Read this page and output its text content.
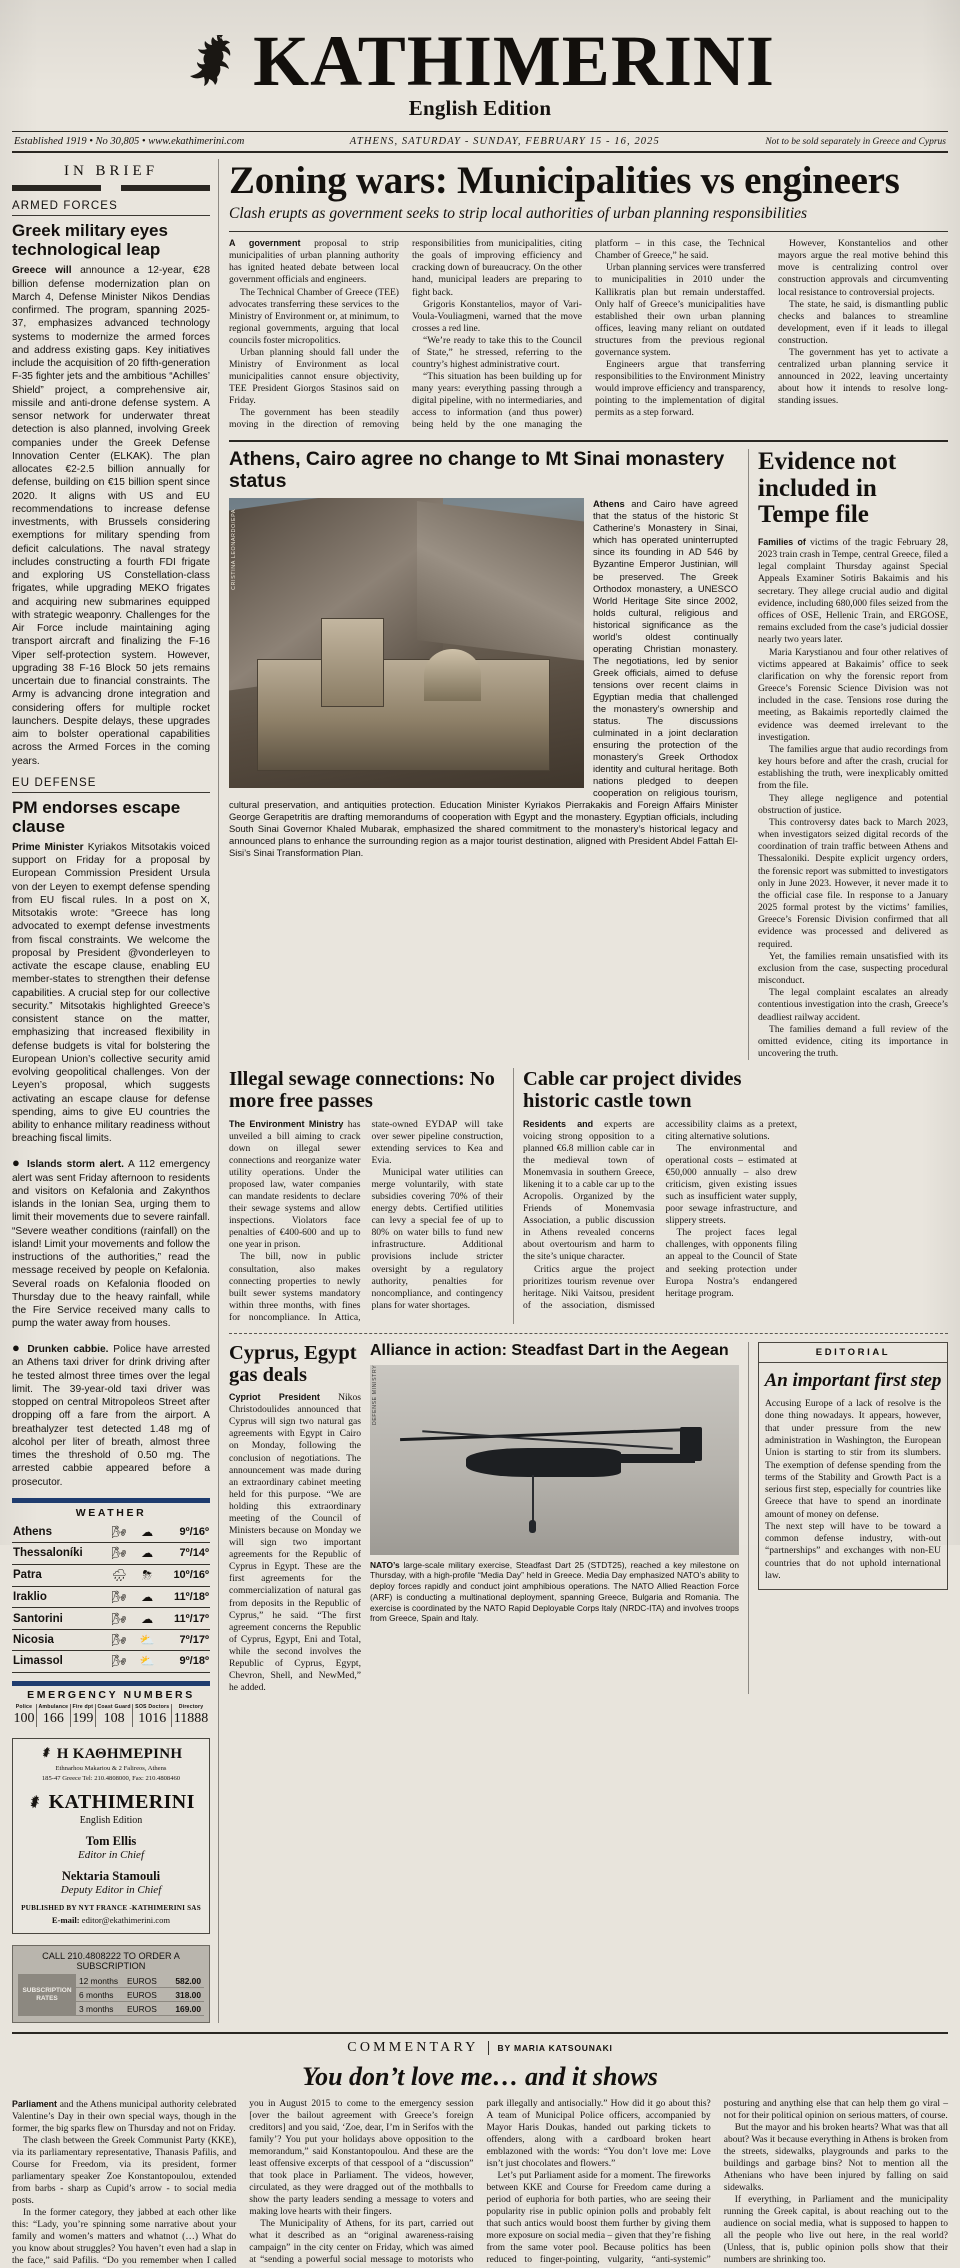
KATHIMERINI
English Edition
Established 1919 • No 30,805 • www.ekathimerini.com	ATHENS, SATURDAY - SUNDAY, FEBRUARY 15 - 16, 2025	Not to be sold separately in Greece and Cyprus
IN BRIEF
ARMED FORCES
Greek military eyes technological leap

Greece will announce a 12-year, €28 billion defense modernization plan on March 4, Defense Minister Nikos Dendias confirmed. The program, spanning 2025-37, emphasizes advanced technology systems to modernize the armed forces and address existing gaps. Key initiatives include the acquisition of 20 fifth-generation F-35 fighter jets and the ambitious “Achilles’ Shield” project, a comprehensive air, missile and anti-drone defense system. A sensor network for underwater threat detection is also planned, involving Greek companies under the Greek Defense Innovation Center (ELKAK). The plan allocates €2-2.5 billion annually for defense, building on €15 billion spent since 2020. It aligns with US and EU recommendations to increase defense investments, with Brussels considering exemptions for military spending from deficit calculations. The naval strategy includes constructing a fourth FDI frigate and exploring US Constellation-class frigates, while upgrading MEKO frigates and acquiring new submarines equipped with strategic weaponry. Challenges for the Air Force include maintaining aging transport aircraft and finalizing the F-16 Viper self-protection system. However, upgrading 38 F-16 Block 50 jets remains uncertain due to financial constraints. The Army is advancing drone integration and considering offers for multiple rocket launchers. Despite delays, these upgrades aim to bolster operational capabilities across the Armed Forces in the coming years.

EU DEFENSE
PM endorses escape clause

Prime Minister Kyriakos Mitsotakis voiced support on Friday for a proposal by European Commission President Ursula von der Leyen to exempt defense spending from EU fiscal rules. In a post on X, Mitsotakis wrote: “Greece has long advocated to exempt defense investments from fiscal constraints. We welcome the proposal by President @vonderleyen to activate the escape clause, enabling EU member-states to strengthen their defense capabilities. A crucial step for our collective security.” Mitsotakis highlighted Greece’s consistent stance on the matter, emphasizing that increased flexibility in defense budgets is vital for bolstering the European Union’s collective security amid evolving geopolitical challenges. Von der Leyen’s proposal, which suggests activating an escape clause for defense spending, aims to give EU countries the ability to enhance military readiness without breaching fiscal limits.

● Islands storm alert. A 112 emergency alert was sent Friday afternoon to residents and visitors on Kefalonia and Zakynthos islands in the Ionian Sea, urging them to limit their movements due to severe rainfall. “Severe weather conditions (rainfall) on the island! Limit your movements and follow the instructions of the authorities,” read the message received by people on Kefalonia. Several roads on Kefalonia flooded on Thursday due to the heavy rainfall, while the Fire Service received many calls to pump the water away from houses.

● Drunken cabbie. Police have arrested an Athens taxi driver for drink driving after he tested almost three times over the legal limit. The 39-year-old taxi driver was stopped on central Mitropoleos Street after dropping off a fare from the airport. A breathalyzer test detected 1.48 mg of alcohol per liter of breath, almost three times the threshold of 0.50 mg. The arrested cabbie appeared before a prosecutor.

WEATHER
Athens	🌬	☁	9º/16º
Thessaloníki	🌬	☁	7º/14º
Patra	🌧	⛈	10º/16º
Iraklio	🌬	☁	11º/18º
Santorini	🌬	☁	11º/17º
Nicosia	🌬	⛅	7º/17º
Limassol	🌬	⛅	9º/18º
EMERGENCY NUMBERS
Police	Ambulance	Fire dpt	Coast Guard	SOS Doctors	Directory
100	166	199	108	1016	11888
Η ΚΑΘΗΜΕΡΙΝΗ
Ethnarhou Makariou & 2 Falireos, Athens
185-47 Greece Tel: 210.4808000, Fax: 210.4808460
KATHIMERINI
English Edition
Tom Ellis
Editor in Chief
Nektaria Stamouli
Deputy Editor in Chief
PUBLISHED BY NYT FRANCE -KATHIMERINI SAS
E-mail: editor@ekathimerini.com
CALL 210.4808222 TO ORDER A SUBSCRIPTION
SUBSCRIPTION RATES
12 months	EUROS	582.00
6 months	EUROS	318.00
3 months	EUROS	169.00
Zoning wars: Municipalities vs engineers
Clash erupts as government seeks to strip local authorities of urban planning responsibilities

A government proposal to strip municipalities of urban planning authority has ignited heated debate between local government officials and engineers.

The Technical Chamber of Greece (TEE) advocates transferring these services to the Ministry of Environment or, at minimum, to regional governments, arguing that local councils foster micropolitics.

Urban planning should fall under the Ministry of Environment as local municipalities cannot ensure objectivity, TEE President Giorgos Stasinos said on Friday.

The government has been steadily moving in the direction of removing responsibilities from municipalities, citing the goals of improving efficiency and cracking down of bureaucracy. On the other hand, municipal leaders are preparing to fight back.

Grigoris Konstantelios, mayor of Vari-Voula-Vouliagmeni, warned that the move crosses a red line.

“We’re ready to take this to the Council of State,” he stressed, referring to the country’s highest administrative court.

“This situation has been building up for many years: everything passing through a digital pipeline, with no intermediaries, and access to information (and thus power) being held by the one managing the platform – in this case, the Technical Chamber of Greece,” he said.

Urban planning services were transferred to municipalities in 2010 under the Kallikratis plan but remain understaffed. Only half of Greece’s municipalities have established their own urban planning offices, leaving many reliant on outdated structures from the previous regional governance system.

Engineers argue that transferring responsibilities to the Environment Ministry would improve efficiency and transparency, pointing to the implementation of digital permits as a step forward.

However, Konstantelios and other mayors argue the real motive behind this move is centralizing control over construction approvals and circumventing local resistance to controversial projects.

The state, he said, is dismantling public checks and balances to streamline development, even if it leads to illegal construction.

The government has yet to activate a centralized urban planning service it announced in 2022, leaving uncertainty about how it intends to resolve long-standing issues.

Athens, Cairo agree no change to Mt Sinai monastery status
CRISTINA LEONARDO/EPA

Athens and Cairo have agreed that the status of the historic St Catherine’s Monastery in Sinai, which has operated uninterrupted since its founding in AD 546 by Byzantine Emperor Justinian, will be preserved. The Greek Orthodox monastery, a UNESCO World Heritage Site since 2002, holds cultural, religious and historical significance as the world’s oldest continually operating Christian monastery. The negotiations, led by senior Greek officials, aimed to defuse tensions over recent claims in Egyptian media that challenged the monastery’s ownership and status. The discussions culminated in a joint declaration ensuring the protection of the monastery’s Greek Orthodox identity and cultural heritage. Both nations pledged to deepen cooperation on religious tourism, cultural preservation, and antiquities protection. Education Minister Kyriakos Pierrakakis and Foreign Affairs Minister George Gerapetritis are drafting memorandums of cooperation with Egypt and the monastery. Egyptian officials, including South Sinai Governor Khaled Mubarak, emphasized the shared commitment to the monastery’s historical legacy and announced plans to enhance the surrounding region as a major tourist destination, aligned with President Abdel Fattah El-Sisi’s Sinai Transformation Plan.

Evidence not included in Tempe file

Families of victims of the tragic February 28, 2023 train crash in Tempe, central Greece, filed a legal complaint Thursday against Special Appeals Examiner Sotiris Bakaimis and his secretary. They allege crucial audio and digital evidence, including 680,000 files seized from the offices of OSE, Hellenic Train, and ERGOSE, remains excluded from the case’s judicial dossier nearly two years later.

Maria Karystianou and four other relatives of victims appeared at Bakaimis’ office to seek clarification on why the forensic report from Greece’s Forensic Science Division was not included in the case. Tensions rose during the meeting, as Bakaimis reportedly claimed the evidence was deemed irrelevant to the investigation.

The families argue that audio recordings from key hours before and after the crash, crucial for establishing the truth, were inexplicably omitted from the file.

They allege negligence and potential obstruction of justice.

This controversy dates back to March 2023, when investigators seized digital records of the coordination of train traffic between Athens and Thessaloniki. Despite explicit urgency orders, the forensic report was submitted to investigators only in June 2023. However, it never made it to the official case file. In response to a January 2025 formal protest by the victims’ families, Greece’s Forensic Division confirmed that all evidence was processed and delivered as required.

Yet, the families remain unsatisfied with its exclusion from the case, suspecting procedural misconduct.

The legal complaint escalates an already contentious investigation into the crash, Greece’s deadliest railway accident.

The families demand a full review of the omitted evidence, citing its importance in uncovering the truth.

Illegal sewage connections: No more free passes

The Environment Ministry has unveiled a bill aiming to crack down on illegal sewer connections and reorganize water utility operations. Under the proposed law, water companies can mandate residents to declare their sewage systems and allow inspections. Violators face penalties of €400-600 and up to one year in prison.

The bill, now in public consultation, also makes connecting properties to newly built sewer systems mandatory within three months, with fines for noncompliance. In Attica, state-owned EYDAP will take over sewer pipeline construction, extending services to Kea and Evia.

Municipal water utilities can merge voluntarily, with state subsidies covering 70% of their energy debts. Certified utilities can levy a special fee of up to 80% on water bills to fund new infrastructure. Additional provisions include stricter oversight by a regulatory authority, penalties for noncompliance, and contingency plans for water shortages.

Cable car project divides historic castle town

Residents and experts are voicing strong opposition to a planned €6.8 million cable car in the medieval town of Monemvasia in southern Greece, likening it to a cable car up to the Acropolis. Organized by the Friends of Monemvasia Association, a public discussion in Athens revealed concerns about overtourism and harm to the site’s unique character.

Critics argue the project prioritizes tourism revenue over heritage. Niki Vaitsou, president of the association, dismissed accessibility claims as a pretext, citing alternative solutions.

The environmental and operational costs – estimated at €50,000 annually – also drew criticism, given existing issues such as insufficient water supply, poor sewage infrastructure, and slippery streets.

The project faces legal challenges, with opponents filing an appeal to the Council of State and seeking protection under Europa Nostra’s endangered heritage program.

Cyprus, Egypt gas deals

Cypriot President Nikos Christodoulides announced that Cyprus will sign two natural gas agreements with Egypt in Cairo on Monday, following the conclusion of negotiations. The announcement was made during an extraordinary cabinet meeting held for this purpose. “We are holding this extraordinary meeting of the Council of Ministers because on Monday we will sign two important agreements for the Republic of Cyprus in Egypt. These are the first agreements for the commercialization of natural gas from deposits in the Republic of Cyprus,” he said. “The first agreement concerns the Republic of Cyprus, Egypt, Eni and Total, while the second involves the Republic of Cyprus, Egypt, Chevron, Shell, and NewMed,” he added.

Alliance in action: Steadfast Dart in the Aegean
DEFENSE MINISTRY

NATO’s large-scale military exercise, Steadfast Dart 25 (STDT25), reached a key milestone on Thursday, with a high-profile “Media Day” held in Greece. Media Day emphasized NATO’s ability to deploy forces rapidly and conduct joint amphibious operations. The NATO Allied Reaction Force (ARF) is conducting a multinational deployment, spanning Greece, Bulgaria and Romania. The exercise is coordinated by the NATO Rapid Deployable Corps Italy (NRDC-ITA) and involves troops from Greece, Spain and Italy.

EDITORIAL
An important first step

Accusing Europe of a lack of resolve is the done thing nowadays. It appears, however, that under pressure from the new administration in Washington, the European Union is starting to stir from its slumbers. The exemption of defense spending from the terms of the Stability and Growth Pact is a serious first step, especially for countries like Greece that have to spend an inordinate amount of money on defense.

The next step will have to be toward a common defense industry, with-out “partnerships” and exchanges with non-EU countries that do not uphold international law.

COMMENTARY BY MARIA KATSOUNAKI
You don’t love me… and it shows

Parliament and the Athens municipal authority celebrated Valentine’s Day in their own special ways, though in the former, the big sparks flew on Thursday and not on Friday.

The clash between the Greek Communist Party (KKE), via its parliamentary representative, Thanasis Pafilis, and Course for Freedom, via its president, former parliamentary speaker Zoe Konstantopoulou, extended from barbs - sharp as Cupid’s arrow - to social media posts.

In the former category, they jabbed at each other like this: “Lady, you’re spinning some narrative about your family and women’s matters and whatnot (…) What do you know about struggles? You haven’t even had a slap in the face,” said Pafilis. “Do you remember when I called you in August 2015 to come to the emergency session [over the bailout agreement with Greece’s foreign creditors] and you said, ‘Zoe, dear, I’m in Serifos with the family’? You put your holidays above opposition to the memorandum,” said Konstantopoulou. And these are the least offensive excerpts of that cesspool of a “discussion” that took place in Parliament. The videos, however, circulated, as they were dragged out of the mothballs to show the party leaders sending a message to voters and making love hearts with their fingers.

The Municipality of Athens, for its part, carried out what it described as an “original awareness-raising campaign” in the city center on Friday, which was aimed at “sending a powerful social message to motorists who park illegally and antisocially.” How did it go about this? A team of Municipal Police officers, accompanied by Mayor Haris Doukas, handed out parking tickets to offenders, along with a cardboard broken heart emblazoned with the words: “You don’t love me: Love isn’t just chocolates and flowers.”

Let’s put Parliament aside for a moment. The fireworks between KKE and Course for Freedom came during a period of euphoria for both parties, who are seeing their popularity rise in public opinion polls and probably felt that such antics would boost them further by giving them more exposure on social media – given that they’re fishing from the same voter pool. Because politics has been reduced to finger-pointing, vulgarity, “anti-systemic” posturing and anything else that can help them go viral – not for their political opinion on serious matters, of course.

But the mayor and his broken hearts? What was that all about? Was it because everything in Athens is broken from the streets, sidewalks, playgrounds and parks to the buildings and garbage bins? Not to mention all the Athenians who have been injured by falling on said sidewalks.

If everything, in Parliament and the municipality running the Greek capital, is about reaching out to the audience on social media, what is supposed to happen to all the people who live out here, in the real world? (Unless, that is, public opinion polls show that their numbers are shrinking too.
